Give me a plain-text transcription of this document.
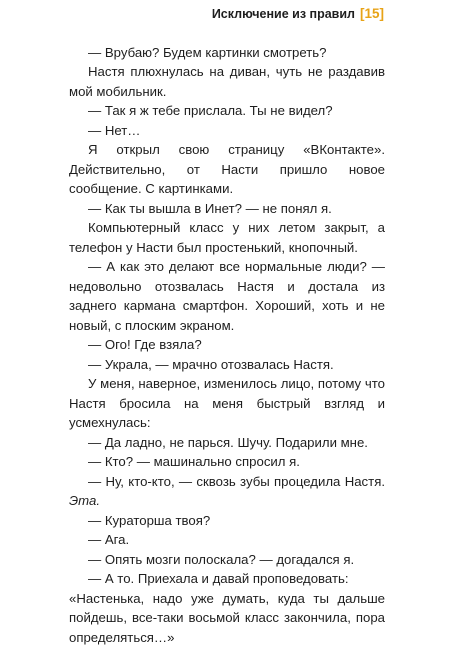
Исключение из правил [15]

— Врубаю? Будем картинки смотреть?

Настя плюхнулась на диван, чуть не раздавив мой мобильник.

— Так я ж тебе прислала. Ты не видел?

— Нет…

Я открыл свою страницу «ВКонтакте». Действительно, от Насти пришло новое сообщение. С картинками.

— Как ты вышла в Инет? — не понял я.

Компьютерный класс у них летом закрыт, а телефон у Насти был простенький, кнопочный.

— А как это делают все нормальные люди? — недовольно отозвалась Настя и достала из заднего кармана смартфон. Хороший, хоть и не новый, с плоским экраном.

— Ого! Где взяла?

— Украла, — мрачно отозвалась Настя.

У меня, наверное, изменилось лицо, потому что Настя бросила на меня быстрый взгляд и усмехнулась:

— Да ладно, не парься. Шучу. Подарили мне.

— Кто? — машинально спросил я.

— Ну, кто-кто, — сквозь зубы процедила Настя. Эта.

— Кураторша твоя?

— Ага.

— Опять мозги полоскала? — догадался я.

— А то. Приехала и давай проповедовать:

«Настенька, надо уже думать, куда ты дальше пойдешь, все-таки восьмой класс закончила, пора определяться…»
